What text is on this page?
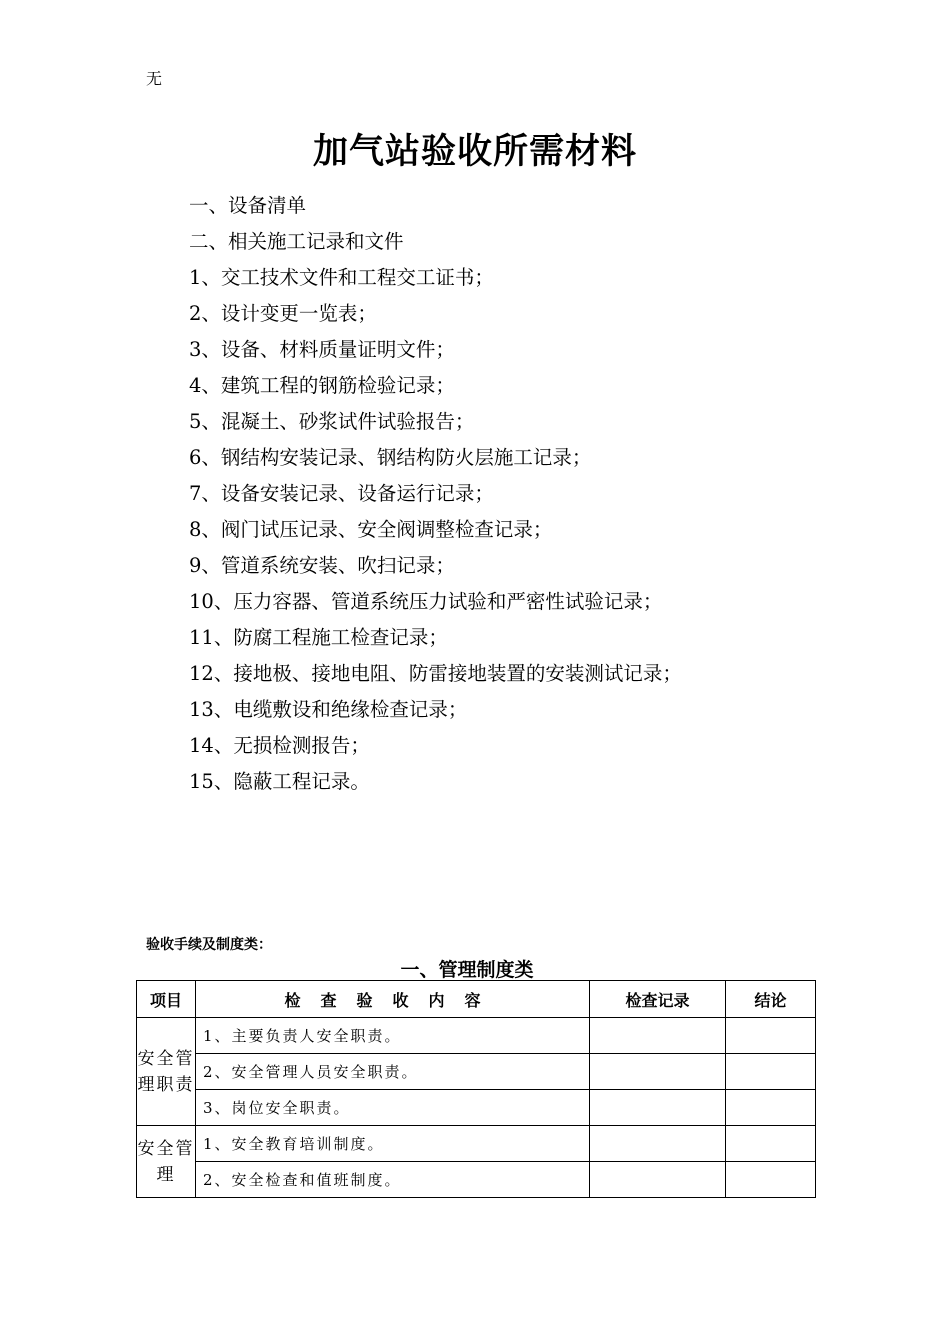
无
加气站验收所需材料
一、设备清单
二、相关施工记录和文件
1、交工技术文件和工程交工证书；
2、设计变更一览表；
3、设备、材料质量证明文件；
4、建筑工程的钢筋检验记录；
5、混凝土、砂浆试件试验报告；
6、钢结构安装记录、钢结构防火层施工记录；
7、设备安装记录、设备运行记录；
8、阀门试压记录、安全阀调整检查记录；
9、管道系统安装、吹扫记录；
10、压力容器、管道系统压力试验和严密性试验记录；
11、防腐工程施工检查记录；
12、接地极、接地电阻、防雷接地装置的安装测试记录；
13、电缆敷设和绝缘检查记录；
14、无损检测报告；
15、隐蔽工程记录。
验收手续及制度类：
一、管理制度类
项目	检查验收内容	检查记录	结论
安全管理职责	1、主要负责人安全职责。		
	2、安全管理人员安全职责。		
	3、岗位安全职责。		
安全管理	1、安全教育培训制度。		
	2、安全检查和值班制度。		
